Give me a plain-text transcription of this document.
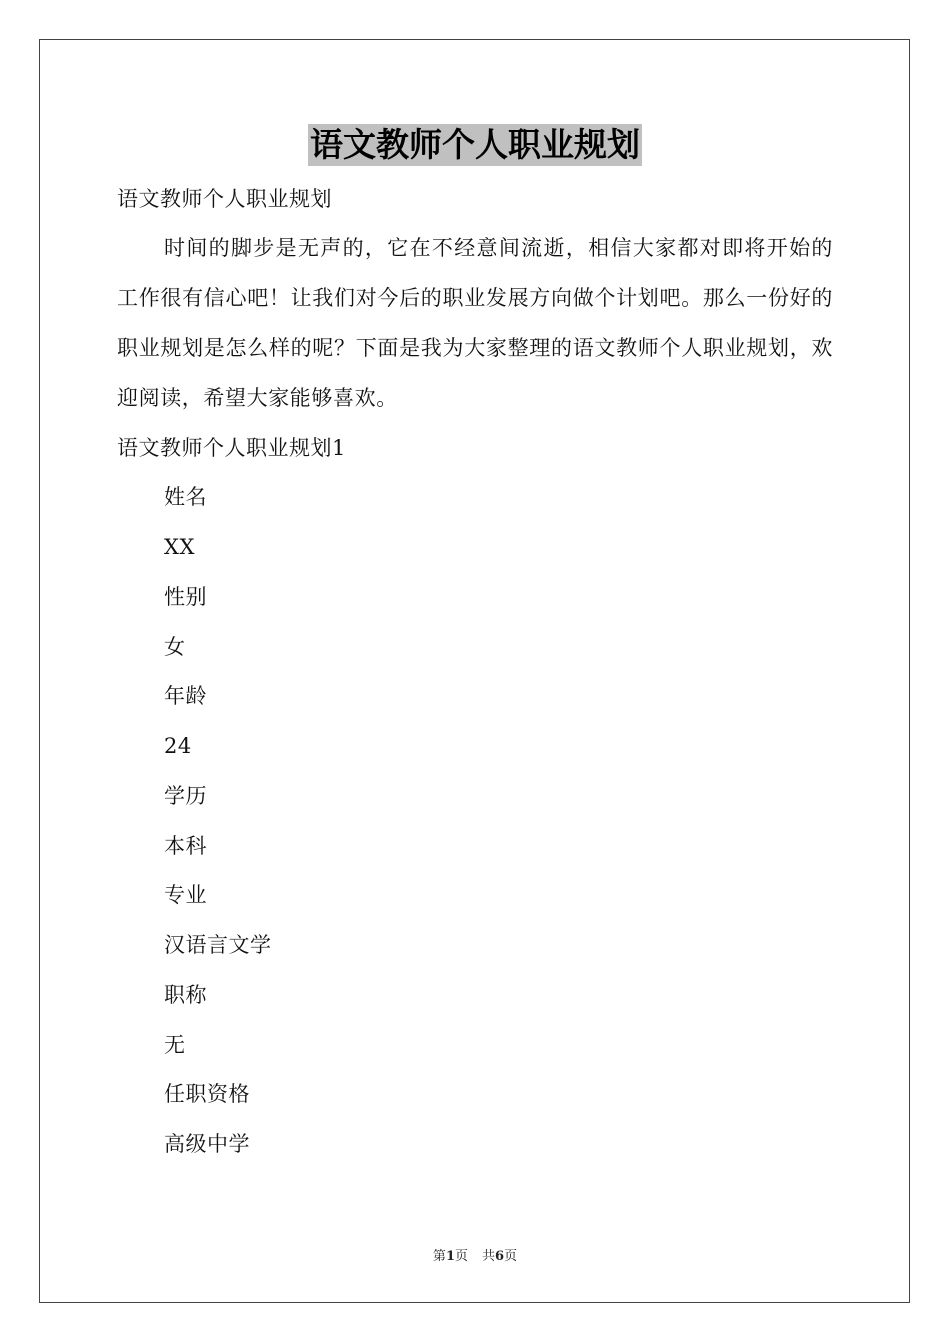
语文教师个人职业规划
语文教师个人职业规划
时间的脚步是无声的，它在不经意间流逝，相信大家都对即将开始的工作很有信心吧！让我们对今后的职业发展方向做个计划吧。那么一份好的职业规划是怎么样的呢？下面是我为大家整理的语文教师个人职业规划，欢迎阅读，希望大家能够喜欢。
语文教师个人职业规划1
姓名
XX
性别
女
年龄
24
学历
本科
专业
汉语言文学
职称
无
任职资格
高级中学
第1页 共6页
